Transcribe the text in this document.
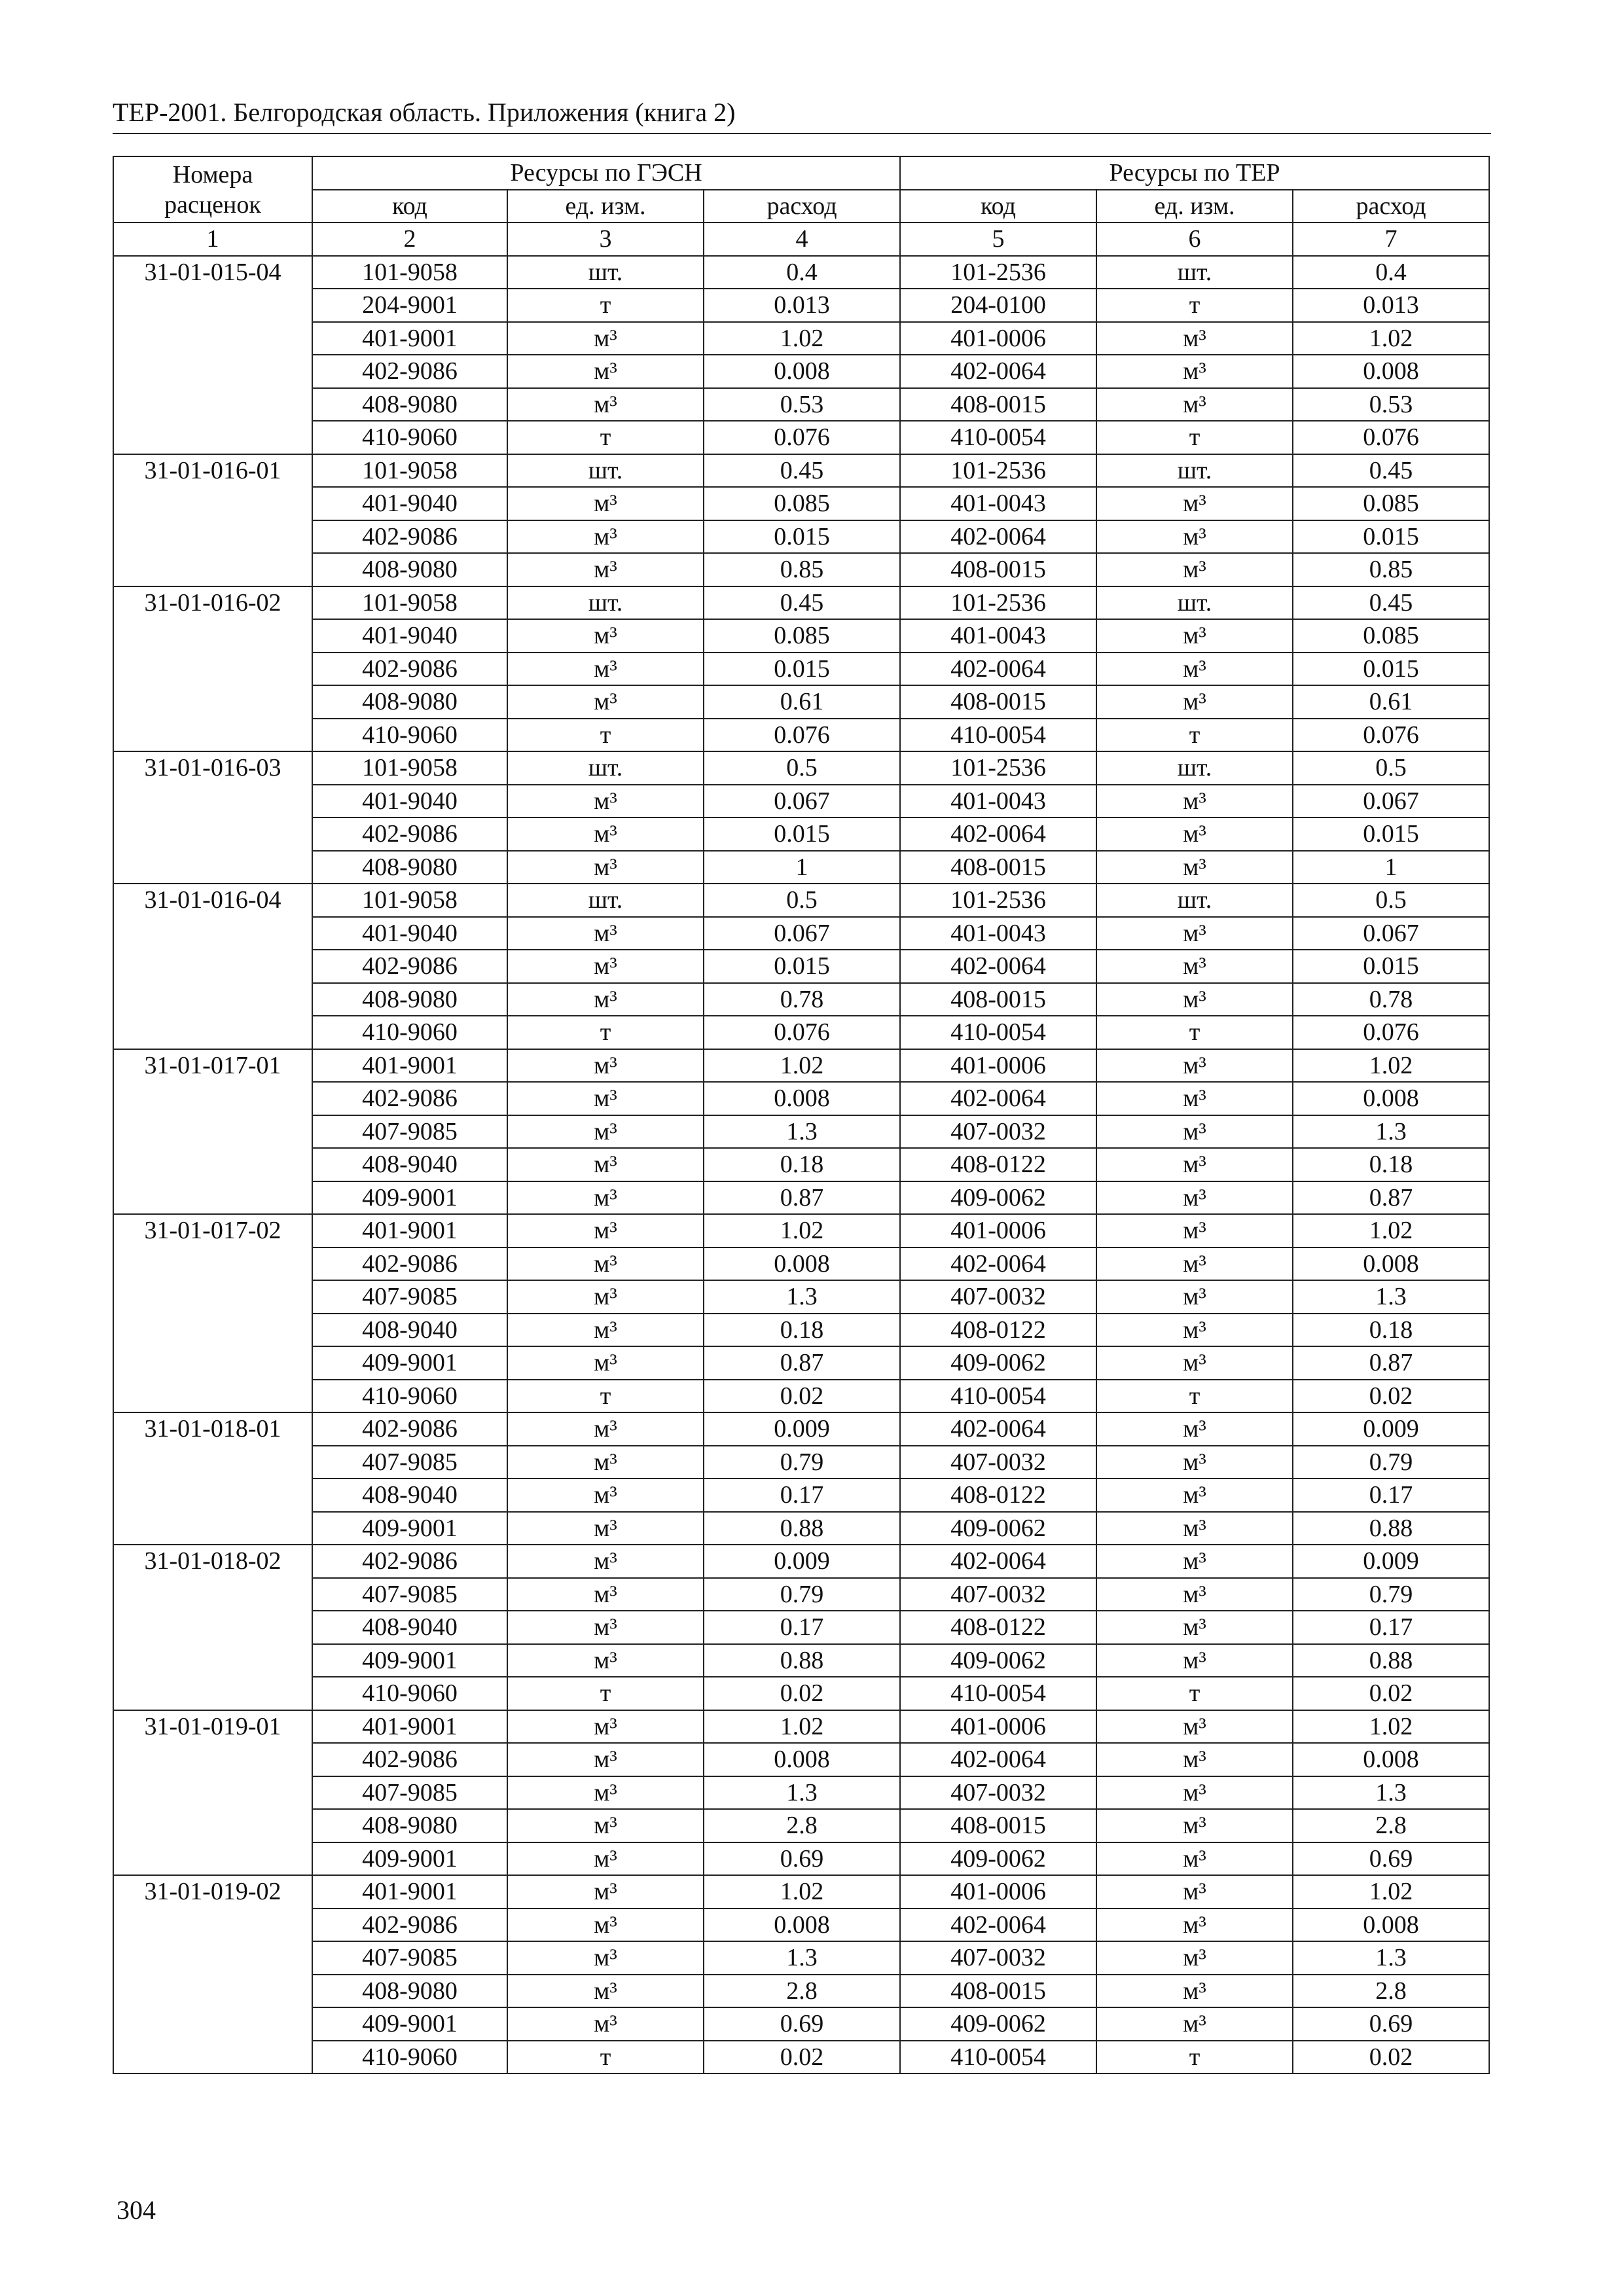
ТЕР-2001. Белгородская область. Приложения (книга 2)
Номера
расценок	Ресурсы по ГЭСН			Ресурсы по ТЕР		
	код	ед. изм.	расход	код	ед. изм.	расход
1	2	3	4	5	6	7
31-01-015-04	101-9058	шт.	0.4	101-2536	шт.	0.4
	204-9001	т	0.013	204-0100	т	0.013
	401-9001	м³	1.02	401-0006	м³	1.02
	402-9086	м³	0.008	402-0064	м³	0.008
	408-9080	м³	0.53	408-0015	м³	0.53
	410-9060	т	0.076	410-0054	т	0.076
31-01-016-01	101-9058	шт.	0.45	101-2536	шт.	0.45
	401-9040	м³	0.085	401-0043	м³	0.085
	402-9086	м³	0.015	402-0064	м³	0.015
	408-9080	м³	0.85	408-0015	м³	0.85
31-01-016-02	101-9058	шт.	0.45	101-2536	шт.	0.45
	401-9040	м³	0.085	401-0043	м³	0.085
	402-9086	м³	0.015	402-0064	м³	0.015
	408-9080	м³	0.61	408-0015	м³	0.61
	410-9060	т	0.076	410-0054	т	0.076
31-01-016-03	101-9058	шт.	0.5	101-2536	шт.	0.5
	401-9040	м³	0.067	401-0043	м³	0.067
	402-9086	м³	0.015	402-0064	м³	0.015
	408-9080	м³	1	408-0015	м³	1
31-01-016-04	101-9058	шт.	0.5	101-2536	шт.	0.5
	401-9040	м³	0.067	401-0043	м³	0.067
	402-9086	м³	0.015	402-0064	м³	0.015
	408-9080	м³	0.78	408-0015	м³	0.78
	410-9060	т	0.076	410-0054	т	0.076
31-01-017-01	401-9001	м³	1.02	401-0006	м³	1.02
	402-9086	м³	0.008	402-0064	м³	0.008
	407-9085	м³	1.3	407-0032	м³	1.3
	408-9040	м³	0.18	408-0122	м³	0.18
	409-9001	м³	0.87	409-0062	м³	0.87
31-01-017-02	401-9001	м³	1.02	401-0006	м³	1.02
	402-9086	м³	0.008	402-0064	м³	0.008
	407-9085	м³	1.3	407-0032	м³	1.3
	408-9040	м³	0.18	408-0122	м³	0.18
	409-9001	м³	0.87	409-0062	м³	0.87
	410-9060	т	0.02	410-0054	т	0.02
31-01-018-01	402-9086	м³	0.009	402-0064	м³	0.009
	407-9085	м³	0.79	407-0032	м³	0.79
	408-9040	м³	0.17	408-0122	м³	0.17
	409-9001	м³	0.88	409-0062	м³	0.88
31-01-018-02	402-9086	м³	0.009	402-0064	м³	0.009
	407-9085	м³	0.79	407-0032	м³	0.79
	408-9040	м³	0.17	408-0122	м³	0.17
	409-9001	м³	0.88	409-0062	м³	0.88
	410-9060	т	0.02	410-0054	т	0.02
31-01-019-01	401-9001	м³	1.02	401-0006	м³	1.02
	402-9086	м³	0.008	402-0064	м³	0.008
	407-9085	м³	1.3	407-0032	м³	1.3
	408-9080	м³	2.8	408-0015	м³	2.8
	409-9001	м³	0.69	409-0062	м³	0.69
31-01-019-02	401-9001	м³	1.02	401-0006	м³	1.02
	402-9086	м³	0.008	402-0064	м³	0.008
	407-9085	м³	1.3	407-0032	м³	1.3
	408-9080	м³	2.8	408-0015	м³	2.8
	409-9001	м³	0.69	409-0062	м³	0.69
	410-9060	т	0.02	410-0054	т	0.02
304
